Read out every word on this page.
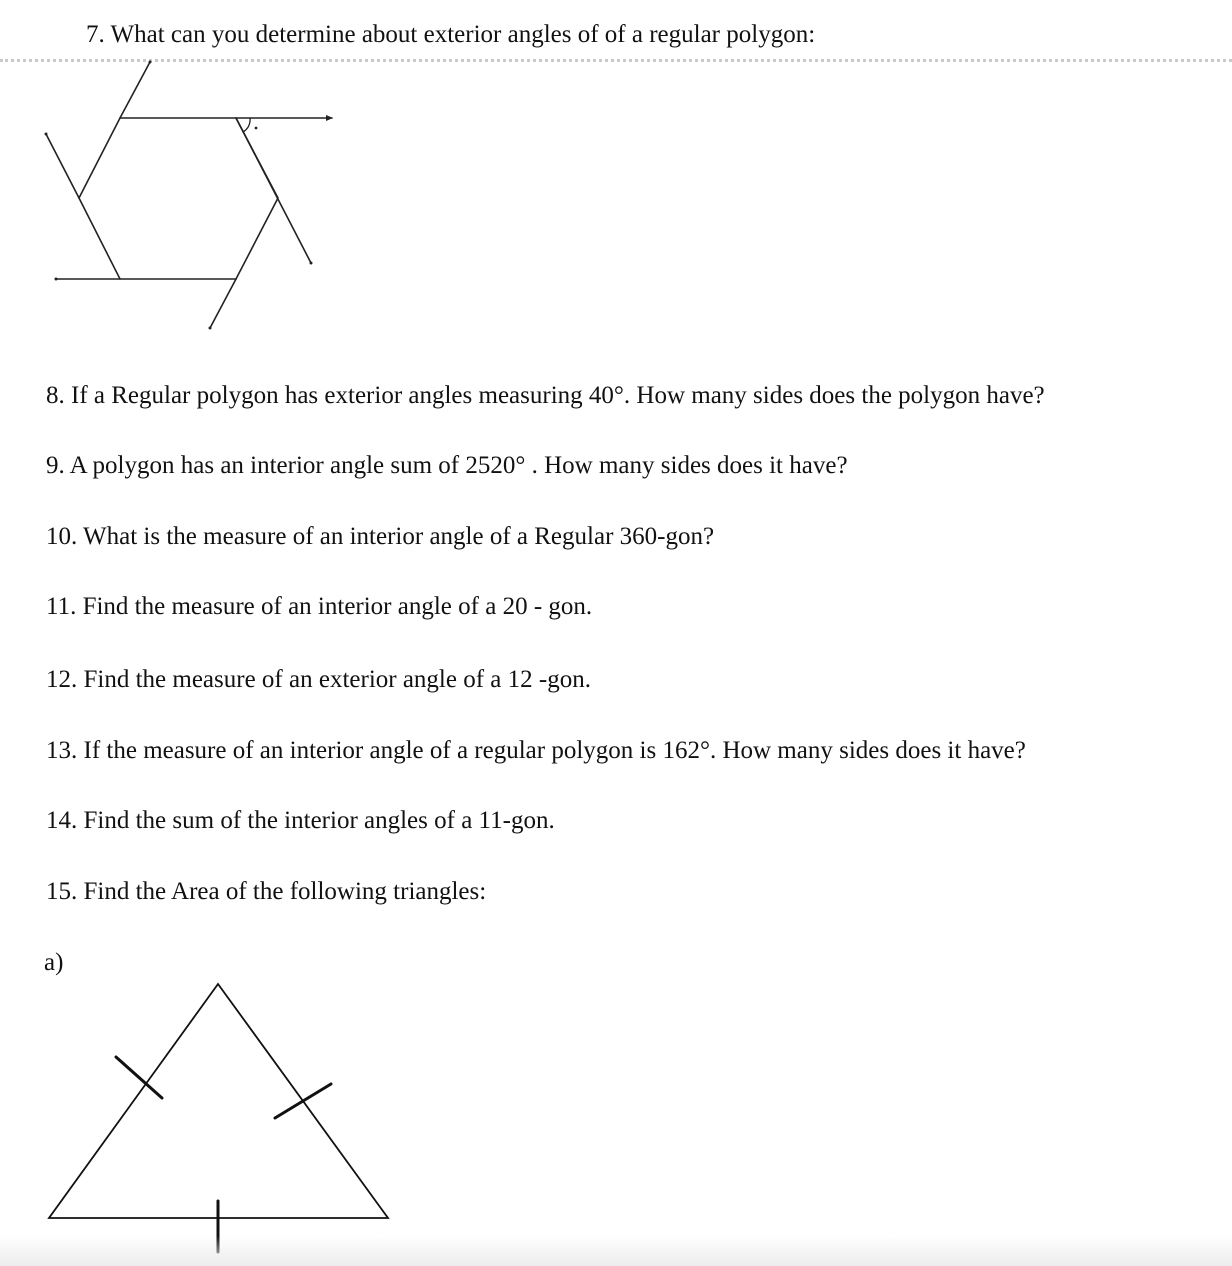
7. What can you determine about exterior angles of of a regular polygon:

8. If a Regular polygon has exterior angles measuring 40°. How many sides does the polygon have?

9. A polygon has an interior angle sum of 2520° . How many sides does it have?

10. What is the measure of an interior angle of a Regular 360-gon?

11. Find the measure of an interior angle of a 20 - gon.

12. Find the measure of an exterior angle of a 12 -gon.

13. If the measure of an interior angle of a regular polygon is 162°. How many sides does it have?

14. Find the sum of the interior angles of a 11-gon.

15. Find the Area of the following triangles:

a)
